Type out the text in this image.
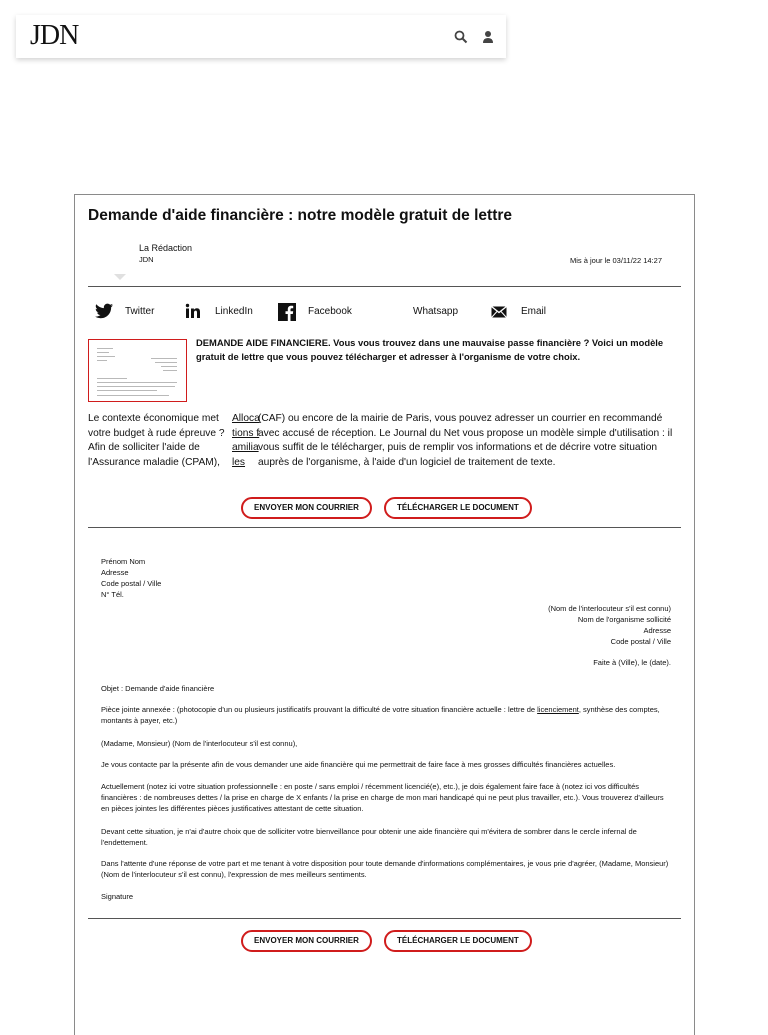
JDN
Demande d'aide financière : notre modèle gratuit de lettre
La Rédaction
JDN	Mis à jour le 03/11/22 14:27
Twitter	LinkedIn	Facebook	Whatsapp	Email

DEMANDE AIDE FINANCIERE. Vous vous trouvez dans une mauvaise passe financière ? Voici un modèle gratuit de lettre que vous pouvez télécharger et adresser à l'organisme de votre choix.

Le contexte économique met votre budget à rude épreuve ? Afin de solliciter l'aide de l'Assurance maladie (CPAM),

Allocations familiales

(CAF) ou encore de la mairie de Paris, vous pouvez adresser un courrier en recommandé avec accusé de réception. Le Journal du Net vous propose un modèle simple d'utilisation : il vous suffit de le télécharger, puis de remplir vos informations et de décrire votre situation auprès de l'organisme, à l'aide d'un logiciel de traitement de texte.

ENVOYER MON COURRIER	TÉLÉCHARGER LE DOCUMENT

Prénom Nom

Adresse

Code postal / Ville

N° Tél.

(Nom de l'interlocuteur s'il est connu)

Nom de l'organisme sollicité

Adresse

Code postal / Ville

Faite à (Ville), le (date).

Objet : Demande d'aide financière

Pièce jointe annexée : (photocopie d'un ou plusieurs justificatifs prouvant la difficulté de votre situation financière actuelle : lettre de licenciement, synthèse des comptes, montants à payer, etc.)

(Madame, Monsieur) (Nom de l'interlocuteur s'il est connu),

Je vous contacte par la présente afin de vous demander une aide financière qui me permettrait de faire face à mes grosses difficultés financières actuelles.

Actuellement (notez ici votre situation professionnelle : en poste / sans emploi / récemment licencié(e), etc.), je dois également faire face à (notez ici vos difficultés financières : de nombreuses dettes / la prise en charge de X enfants / la prise en charge de mon mari handicapé qui ne peut plus travailler, etc.). Vous trouverez d'ailleurs en pièces jointes les différentes pièces justificatives attestant de cette situation.

Devant cette situation, je n'ai d'autre choix que de solliciter votre bienveillance pour obtenir une aide financière qui m'évitera de sombrer dans le cercle infernal de l'endettement.

Dans l'attente d'une réponse de votre part et me tenant à votre disposition pour toute demande d'informations complémentaires, je vous prie d'agréer, (Madame, Monsieur) (Nom de l'interlocuteur s'il est connu), l'expression de mes meilleurs sentiments.

Signature

ENVOYER MON COURRIER	TÉLÉCHARGER LE DOCUMENT
